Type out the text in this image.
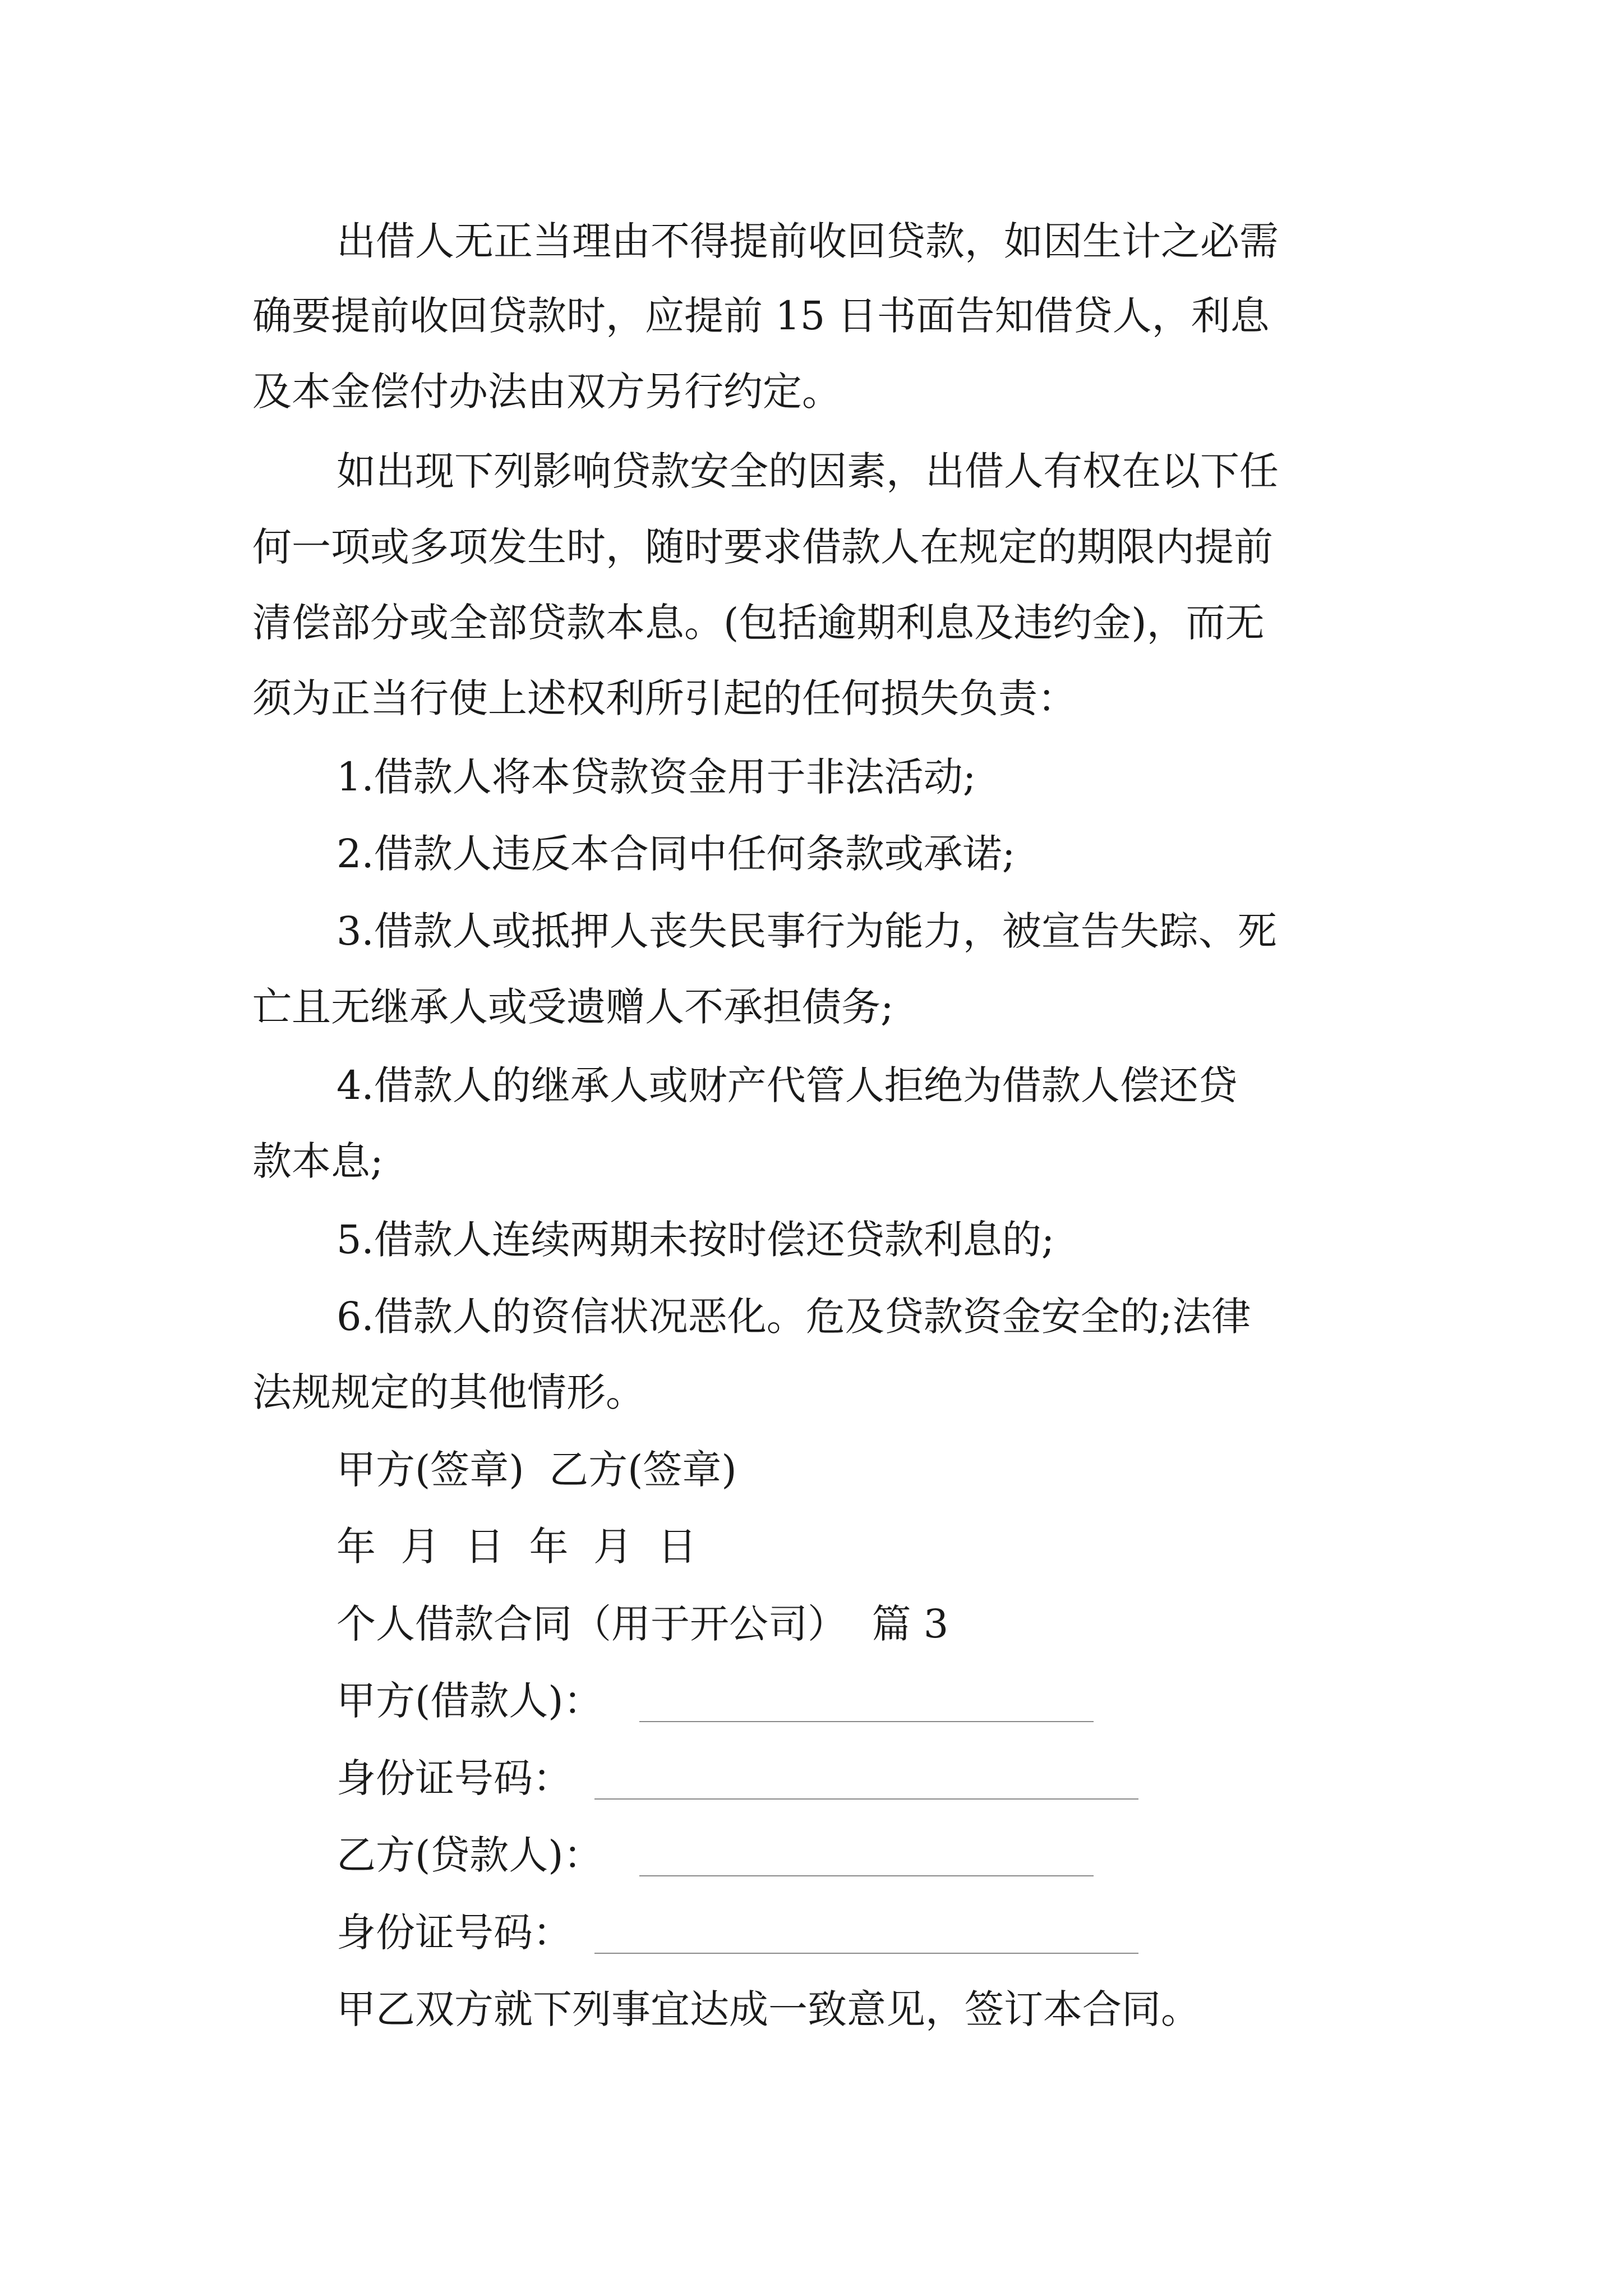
出借人无正当理由不得提前收回贷款，如因生计之必需
确要提前收回贷款时，应提前 15 日书面告知借贷人，利息
及本金偿付办法由双方另行约定。
如出现下列影响贷款安全的因素，出借人有权在以下任
何一项或多项发生时，随时要求借款人在规定的期限内提前
清偿部分或全部贷款本息。(包括逾期利息及违约金)，而无
须为正当行使上述权利所引起的任何损失负责：
1.借款人将本贷款资金用于非法活动;
2.借款人违反本合同中任何条款或承诺;
3.借款人或抵押人丧失民事行为能力，被宣告失踪、死
亡且无继承人或受遗赠人不承担债务;
4.借款人的继承人或财产代管人拒绝为借款人偿还贷
款本息;
5.借款人连续两期未按时偿还贷款利息的;
6.借款人的资信状况恶化。危及贷款资金安全的;法律
法规规定的其他情形。
甲方(签章)  乙方(签章)
年  月  日  年  月  日
个人借款合同（用于开公司）  篇 3
甲方(借款人)：
身份证号码：
乙方(贷款人)：
身份证号码：
甲乙双方就下列事宜达成一致意见，签订本合同。
